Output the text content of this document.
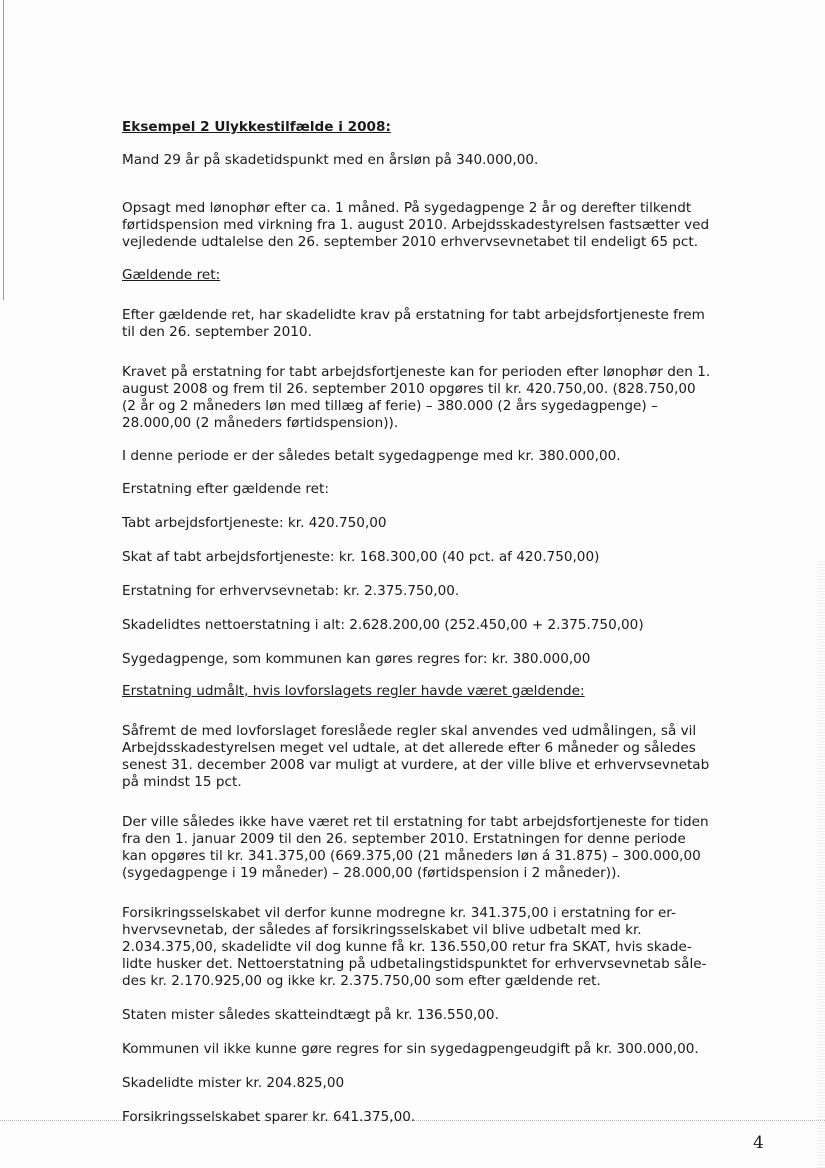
Eksempel 2 Ulykkestilfælde i 2008:

Mand 29 år på skadetidspunkt med en årsløn på 340.000,00.

Opsagt med lønophør efter ca. 1 måned. På sygedagpenge 2 år og derefter tilkendt

førtidspension med virkning fra 1. august 2010. Arbejdsskadestyrelsen fastsætter ved

vejledende udtalelse den 26. september 2010 erhvervsevnetabet til endeligt 65 pct.

Gældende ret:

Efter gældende ret, har skadelidte krav på erstatning for tabt arbejdsfortjeneste frem

til den 26. september 2010.

Kravet på erstatning for tabt arbejdsfortjeneste kan for perioden efter lønophør den 1.

august 2008 og frem til 26. september 2010 opgøres til kr. 420.750,00. (828.750,00

(2 år og 2 måneders løn med tillæg af ferie) – 380.000 (2 års sygedagpenge) –

28.000,00 (2 måneders førtidspension)).

I denne periode er der således betalt sygedagpenge med kr. 380.000,00.

Erstatning efter gældende ret:

Tabt arbejdsfortjeneste: kr. 420.750,00

Skat af tabt arbejdsfortjeneste: kr. 168.300,00 (40 pct. af 420.750,00)

Erstatning for erhvervsevnetab: kr. 2.375.750,00.

Skadelidtes nettoerstatning i alt: 2.628.200,00 (252.450,00 + 2.375.750,00)

Sygedagpenge, som kommunen kan gøres regres for: kr. 380.000,00

Erstatning udmålt, hvis lovforslagets regler havde været gældende:

Såfremt de med lovforslaget foreslåede regler skal anvendes ved udmålingen, så vil

Arbejdsskadestyrelsen meget vel udtale, at det allerede efter 6 måneder og således

senest 31. december 2008 var muligt at vurdere, at der ville blive et erhvervsevnetab

på mindst 15 pct.

Der ville således ikke have været ret til erstatning for tabt arbejdsfortjeneste for tiden

fra den 1. januar 2009 til den 26. september 2010. Erstatningen for denne periode

kan opgøres til kr. 341.375,00 (669.375,00 (21 måneders løn á 31.875) – 300.000,00

(sygedagpenge i 19 måneder) – 28.000,00 (førtidspension i 2 måneder)).

Forsikringsselskabet vil derfor kunne modregne kr. 341.375,00 i erstatning for er-

hvervsevnetab, der således af forsikringsselskabet vil blive udbetalt med kr.

2.034.375,00, skadelidte vil dog kunne få kr. 136.550,00 retur fra SKAT, hvis skade-

lidte husker det. Nettoerstatning på udbetalingstidspunktet for erhvervsevnetab såle-

des kr. 2.170.925,00 og ikke kr. 2.375.750,00 som efter gældende ret.

Staten mister således skatteindtægt på kr. 136.550,00.

Kommunen vil ikke kunne gøre regres for sin sygedagpengeudgift på kr. 300.000,00.

Skadelidte mister kr. 204.825,00

Forsikringsselskabet sparer kr. 641.375,00.

4
